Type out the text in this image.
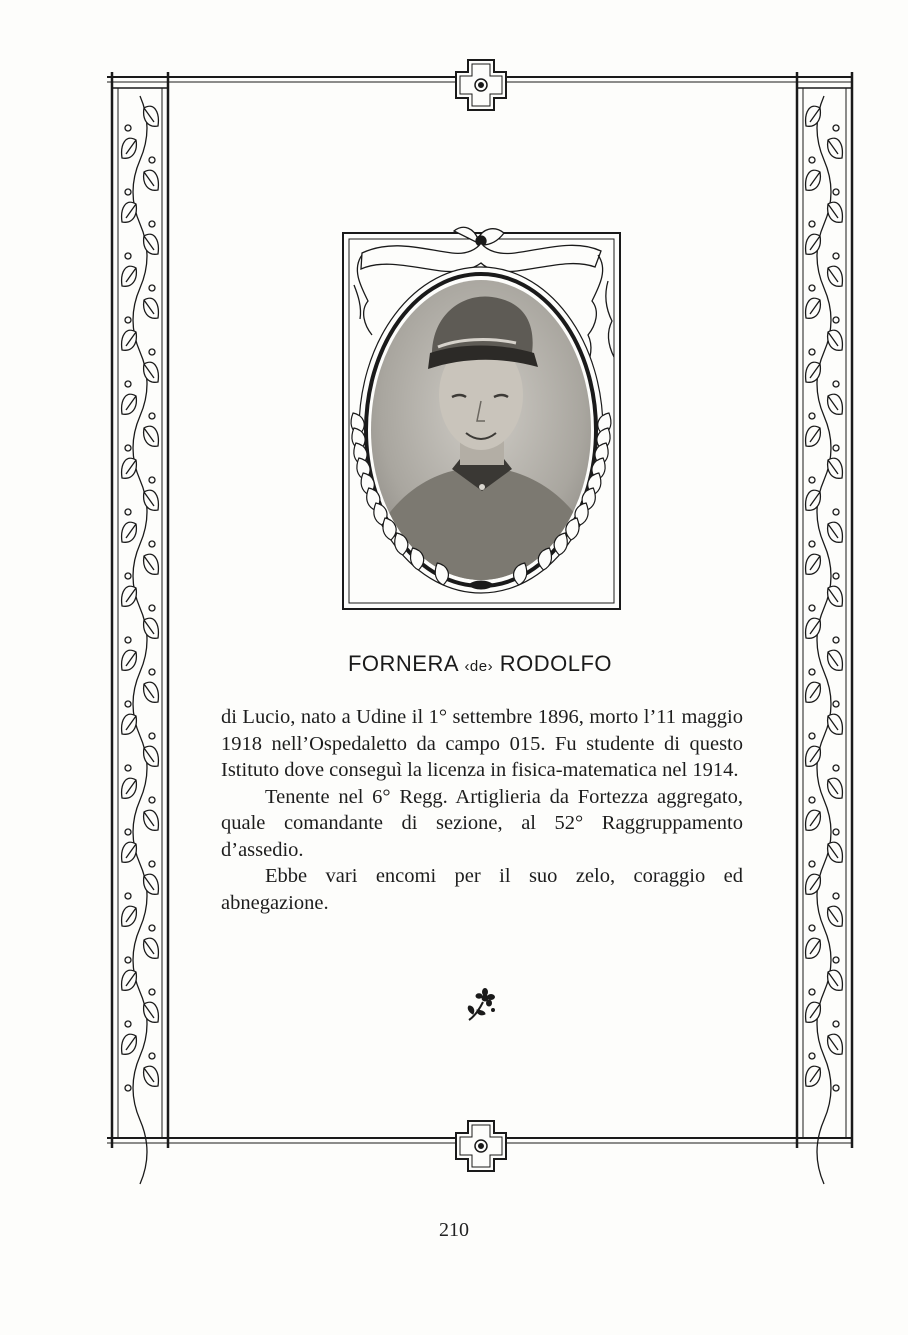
FORNERA ‹de› RODOLFO

di Lucio, nato a Udine il 1° settembre 1896, morto l’11 maggio 1918 nell’Ospedaletto da campo 015. Fu studente di questo Istituto dove conseguì la licenza in fisica-matematica nel 1914.

Tenente nel 6° Regg. Artiglieria da Fortezza aggregato, quale comandante di sezione, al 52° Raggruppamento d’assedio.

Ebbe vari encomi per il suo zelo, coraggio ed abnegazione.

210
